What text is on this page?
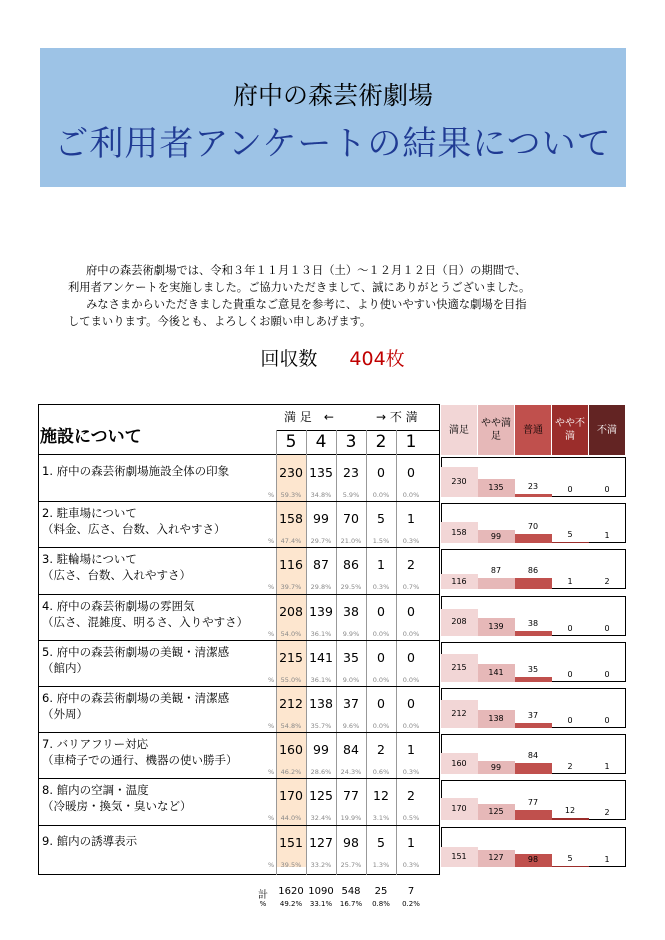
府中の森芸術劇場
ご利用者アンケートの結果について
府中の森芸術劇場では、令和３年１１月１３日（土）～１２月１２日（日）の期間で、
利用者アンケートを実施しました。ご協力いただきまして、誠にありがとうございました。
みなさまからいただきました貴重なご意見を参考に、より使いやすい快適な劇場を目指
してまいります。今後とも、よろしくお願い申しあげます。
回収数 404枚
施設について
満 足　←	→ 不 満
5	4	3	2	1
1. 府中の森芸術劇場施設全体の印象	230 135 23	0	0
% 59.3%	34.8%	5.9%	0.0%	0.0%
2. 駐車場について
（料金、広さ、台数、入れやすさ）
158 99	70	5	1
% 47.4%	29.7%	21.0%	1.5%	0.3%
3. 駐輪場について
（広さ、台数、入れやすさ）
116 87	86	1	2
% 39.7%	29.8%	29.5%	0.3%	0.7%
4. 府中の森芸術劇場の雰囲気
（広さ、混雑度、明るさ、入りやすさ）
208 139 38	0	0
% 54.0%	36.1%	9.9%	0.0%	0.0%
5. 府中の森芸術劇場の美観・清潔感
（館内）
215 141 35	0	0
% 55.0%	36.1%	9.0%	0.0%	0.0%
6. 府中の森芸術劇場の美観・清潔感
（外周）
212 138 37	0	0
% 54.8%	35.7%	9.6%	0.0%	0.0%
7. バリアフリー対応
（車椅子での通行、機器の使い勝手）
160 99	84	2	1
% 46.2%	28.6%	24.3%	0.6%	0.3%
8. 館内の空調・温度
（冷暖房・換気・臭いなど）
170 125 77	12	2
% 44.0%	32.4%	19.9%	3.1%	0.5%
9. 館内の誘導表示	151 127 98	5	1
% 39.5%	33.2%	25.7%	1.3%	0.3%
満足
やや満足
普通
やや不満
不満
230
135	23	0	0
158	99
70
5	1
116
87	86
1	2
208	139	38
0	0
215
141	35
0	0
212
138	37
0	0
160	99
84
2	1
170	125
77
12	2
151	127	98	5	1
計
%
1620 1090 548	25	7
49.2%	33.1%	16.7%	0.8%	0.2%
